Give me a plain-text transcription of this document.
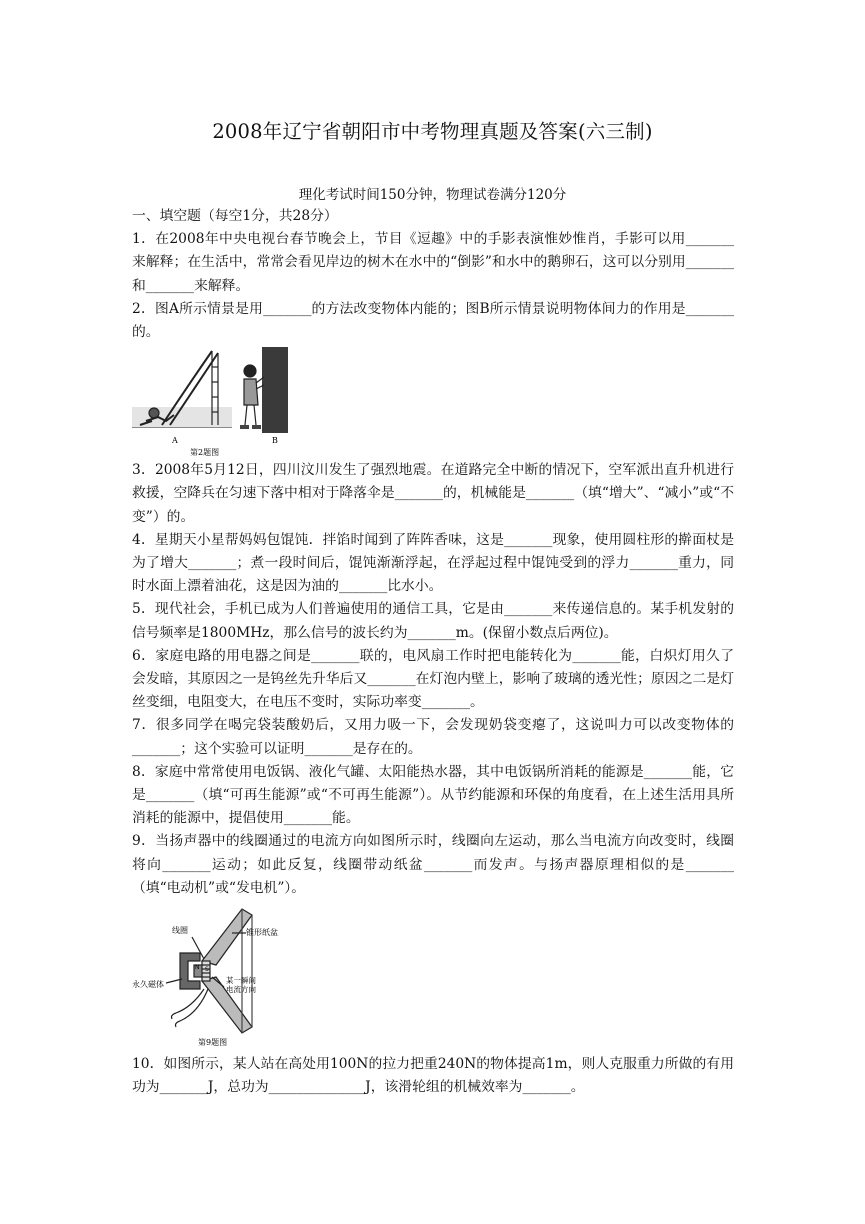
2008年辽宁省朝阳市中考物理真题及答案(六三制)
理化考试时间150分钟，物理试卷满分120分

一、填空题（每空1分，共28分）

1．在2008年中央电视台春节晚会上，节目《逗趣》中的手影表演惟妙惟肖，手影可以用_______来解释；在生活中，常常会看见岸边的树木在水中的“倒影”和水中的鹅卵石，这可以分别用_______和_______来解释。

2．图A所示情景是用_______的方法改变物体内能的；图B所示情景说明物体间力的作用是_______的。

A	B
第2题图

3．2008年5月12日，四川汶川发生了强烈地震。在道路完全中断的情况下，空军派出直升机进行救援，空降兵在匀速下落中相对于降落伞是_______的，机械能是_______（填“增大”、“减小”或“不变”）的。

4．星期天小星帮妈妈包馄饨．拌馅时闻到了阵阵香味，这是_______现象，使用圆柱形的擀面杖是为了增大_______；煮一段时间后，馄饨渐渐浮起，在浮起过程中馄饨受到的浮力_______重力，同时水面上漂着油花，这是因为油的_______比水小。

5．现代社会，手机已成为人们普遍使用的通信工具，它是由_______来传递信息的。某手机发射的信号频率是1800MHz，那么信号的波长约为_______m。(保留小数点后两位)。

6．家庭电路的用电器之间是_______联的，电风扇工作时把电能转化为_______能，白炽灯用久了会发暗，其原因之一是钨丝先升华后又_______在灯泡内壁上，影响了玻璃的透光性；原因之二是灯丝变细，电阻变大，在电压不变时，实际功率变_______。

7．很多同学在喝完袋装酸奶后，又用力吸一下，会发现奶袋变瘪了，这说叫力可以改变物体的_______；这个实验可以证明_______是存在的。

8．家庭中常常使用电饭锅、液化气罐、太阳能热水器，其中电饭锅所消耗的能源是_______能，它是_______（填“可再生能源”或“不可再生能源”）。从节约能源和环保的角度看，在上述生活用具所消耗的能源中，提倡使用_______能。

9．当扬声器中的线圈通过的电流方向如图所示时，线圈向左运动，那么当电流方向改变时，线圈将向_______运动；如此反复，线圈带动纸盆_______而发声。与扬声器原理相似的是_______（填“电动机”或“发电机”）。

线圈	锥形纸盆
永久磁体	某一瞬间
电流方向
N S
第9题图

10．如图所示，某人站在高处用100N的拉力把重240N的物体提高1m，则人克服重力所做的有用功为_______J，总功为______________J，该滑轮组的机械效率为_______。
